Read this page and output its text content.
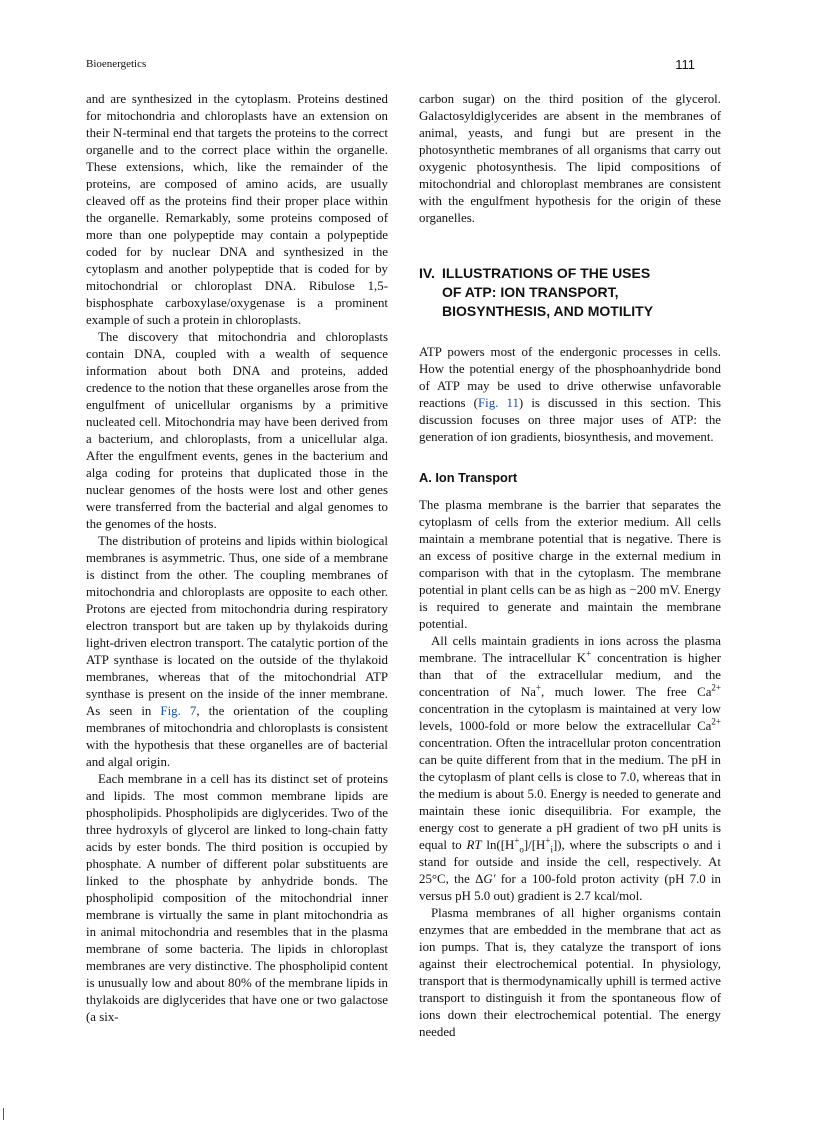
Bioenergetics	111

and are synthesized in the cytoplasm. Proteins destined for mitochondria and chloroplasts have an extension on their N-terminal end that targets the proteins to the correct organelle and to the correct place within the organelle. These extensions, which, like the remainder of the proteins, are composed of amino acids, are usually cleaved off as the proteins find their proper place within the organelle. Remarkably, some proteins composed of more than one polypeptide may contain a polypeptide coded for by nuclear DNA and synthesized in the cytoplasm and another polypeptide that is coded for by mitochondrial or chloroplast DNA. Ribulose 1,5-bisphosphate carboxylase/oxygenase is a prominent example of such a protein in chloroplasts.

The discovery that mitochondria and chloroplasts contain DNA, coupled with a wealth of sequence information about both DNA and proteins, added credence to the notion that these organelles arose from the engulfment of unicellular organisms by a primitive nucleated cell. Mitochondria may have been derived from a bacterium, and chloroplasts, from a unicellular alga. After the engulfment events, genes in the bacterium and alga coding for proteins that duplicated those in the nuclear genomes of the hosts were lost and other genes were transferred from the bacterial and algal genomes to the genomes of the hosts.

The distribution of proteins and lipids within biological membranes is asymmetric. Thus, one side of a membrane is distinct from the other. The coupling membranes of mitochondria and chloroplasts are opposite to each other. Protons are ejected from mitochondria during respiratory electron transport but are taken up by thylakoids during light-driven electron transport. The catalytic portion of the ATP synthase is located on the outside of the thylakoid membranes, whereas that of the mitochondrial ATP synthase is present on the inside of the inner membrane. As seen in Fig. 7, the orientation of the coupling membranes of mitochondria and chloroplasts is consistent with the hypothesis that these organelles are of bacterial and algal origin.

Each membrane in a cell has its distinct set of proteins and lipids. The most common membrane lipids are phospholipids. Phospholipids are diglycerides. Two of the three hydroxyls of glycerol are linked to long-chain fatty acids by ester bonds. The third position is occupied by phosphate. A number of different polar substituents are linked to the phosphate by anhydride bonds. The phospholipid composition of the mitochondrial inner membrane is virtually the same in plant mitochondria as in animal mitochondria and resembles that in the plasma membrane of some bacteria. The lipids in chloroplast membranes are very distinctive. The phospholipid content is unusually low and about 80% of the membrane lipids in thylakoids are diglycerides that have one or two galactose (a six-

carbon sugar) on the third position of the glycerol. Galactosyldiglycerides are absent in the membranes of animal, yeasts, and fungi but are present in the photosynthetic membranes of all organisms that carry out oxygenic photosynthesis. The lipid compositions of mitochondrial and chloroplast membranes are consistent with the engulfment hypothesis for the origin of these organelles.

IV. ILLUSTRATIONS OF THE USES
OF ATP: ION TRANSPORT,
BIOSYNTHESIS, AND MOTILITY

ATP powers most of the endergonic processes in cells. How the potential energy of the phosphoanhydride bond of ATP may be used to drive otherwise unfavorable reactions (Fig. 11) is discussed in this section. This discussion focuses on three major uses of ATP: the generation of ion gradients, biosynthesis, and movement.

A. Ion Transport

The plasma membrane is the barrier that separates the cytoplasm of cells from the exterior medium. All cells maintain a membrane potential that is negative. There is an excess of positive charge in the external medium in comparison with that in the cytoplasm. The membrane potential in plant cells can be as high as −200 mV. Energy is required to generate and maintain the membrane potential.

All cells maintain gradients in ions across the plasma membrane. The intracellular K+ concentration is higher than that of the extracellular medium, and the concentration of Na+, much lower. The free $Ca^{2+}$ concentration in the cytoplasm is maintained at very low levels, 1000-fold or more below the extracellular $Ca^{2+}$ concentration. Often the intracellular proton concentration can be quite different from that in the medium. The pH in the cytoplasm of plant cells is close to 7.0, whereas that in the medium is about 5.0. Energy is needed to generate and maintain these ionic disequilibria. For example, the energy cost to generate a pH gradient of two pH units is equal to RT $\ln([H^+_o]/[H^+_i])$, where the subscripts o and i stand for outside and inside the cell, respectively. At 25°C, the ΔG′ for a 100-fold proton activity (pH 7.0 in versus pH 5.0 out) gradient is 2.7 kcal/mol.

Plasma membranes of all higher organisms contain enzymes that are embedded in the membrane that act as ion pumps. That is, they catalyze the transport of ions against their electrochemical potential. In physiology, transport that is thermodynamically uphill is termed active transport to distinguish it from the spontaneous flow of ions down their electrochemical potential. The energy needed
